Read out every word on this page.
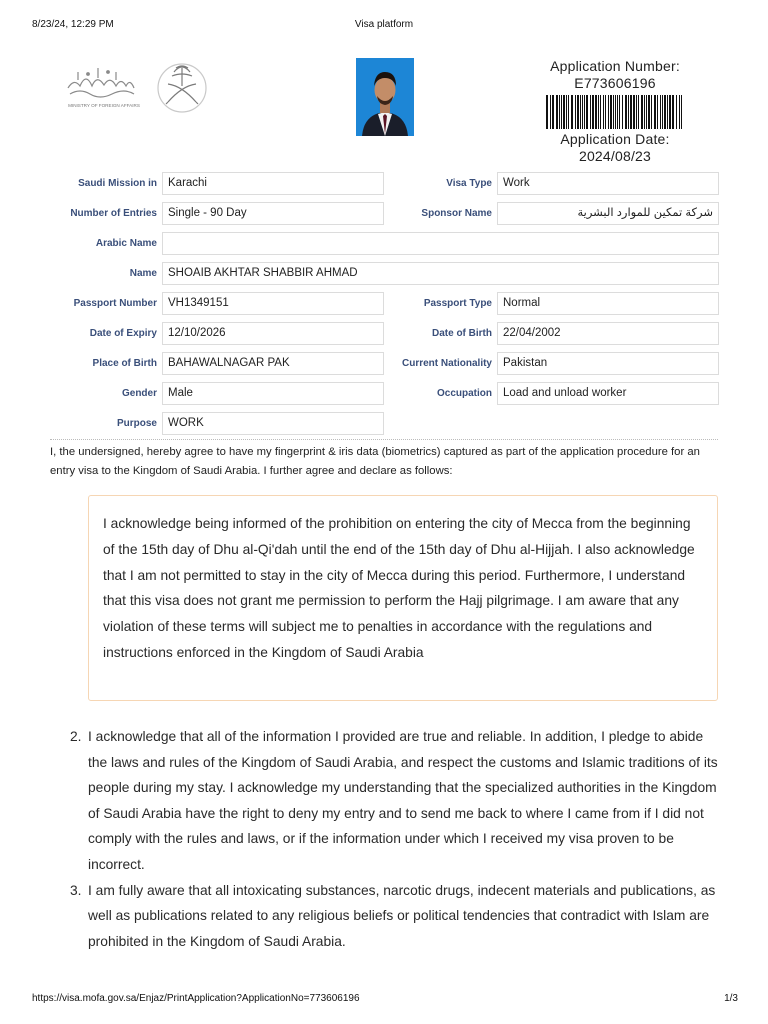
8/23/24, 12:29 PM	Visa platform
MINISTRY OF FOREIGN AFFAIRS
Application Number:
E773606196
Application Date:
2024/08/23
Saudi Mission in Karachi	Visa Type Work
Number of Entries Single - 90 Day	Sponsor Name	شركة تمكين للموارد البشرية
Arabic Name
Name SHOAIB AKHTAR SHABBIR AHMAD
Passport Number VH1349151	Passport Type Normal
Date of Expiry 12/10/2026	Date of Birth 22/04/2002
Place of Birth BAHAWALNAGAR PAK	Current Nationality Pakistan
Gender Male	Occupation Load and unload worker
Purpose WORK
I, the undersigned, hereby agree to have my fingerprint & iris data (biometrics) captured as part of the application procedure for an entry visa to the Kingdom of Saudi Arabia. I further agree and declare as follows:
I acknowledge being informed of the prohibition on entering the city of Mecca from the beginning of the 15th day of Dhu al-Qi'dah until the end of the 15th day of Dhu al-Hijjah. I also acknowledge that I am not permitted to stay in the city of Mecca during this period. Furthermore, I understand that this visa does not grant me permission to perform the Hajj pilgrimage. I am aware that any violation of these terms will subject me to penalties in accordance with the regulations and instructions enforced in the Kingdom of Saudi Arabia
2. I acknowledge that all of the information I provided are true and reliable. In addition, I pledge to abide the laws and rules of the Kingdom of Saudi Arabia, and respect the customs and Islamic traditions of its people during my stay. I acknowledge my understanding that the specialized authorities in the Kingdom of Saudi Arabia have the right to deny my entry and to send me back to where I came from if I did not comply with the rules and laws, or if the information under which I received my visa proven to be incorrect.
3. I am fully aware that all intoxicating substances, narcotic drugs, indecent materials and publications, as well as publications related to any religious beliefs or political tendencies that contradict with Islam are prohibited in the Kingdom of Saudi Arabia.
https://visa.mofa.gov.sa/Enjaz/PrintApplication?ApplicationNo=773606196	1/3
